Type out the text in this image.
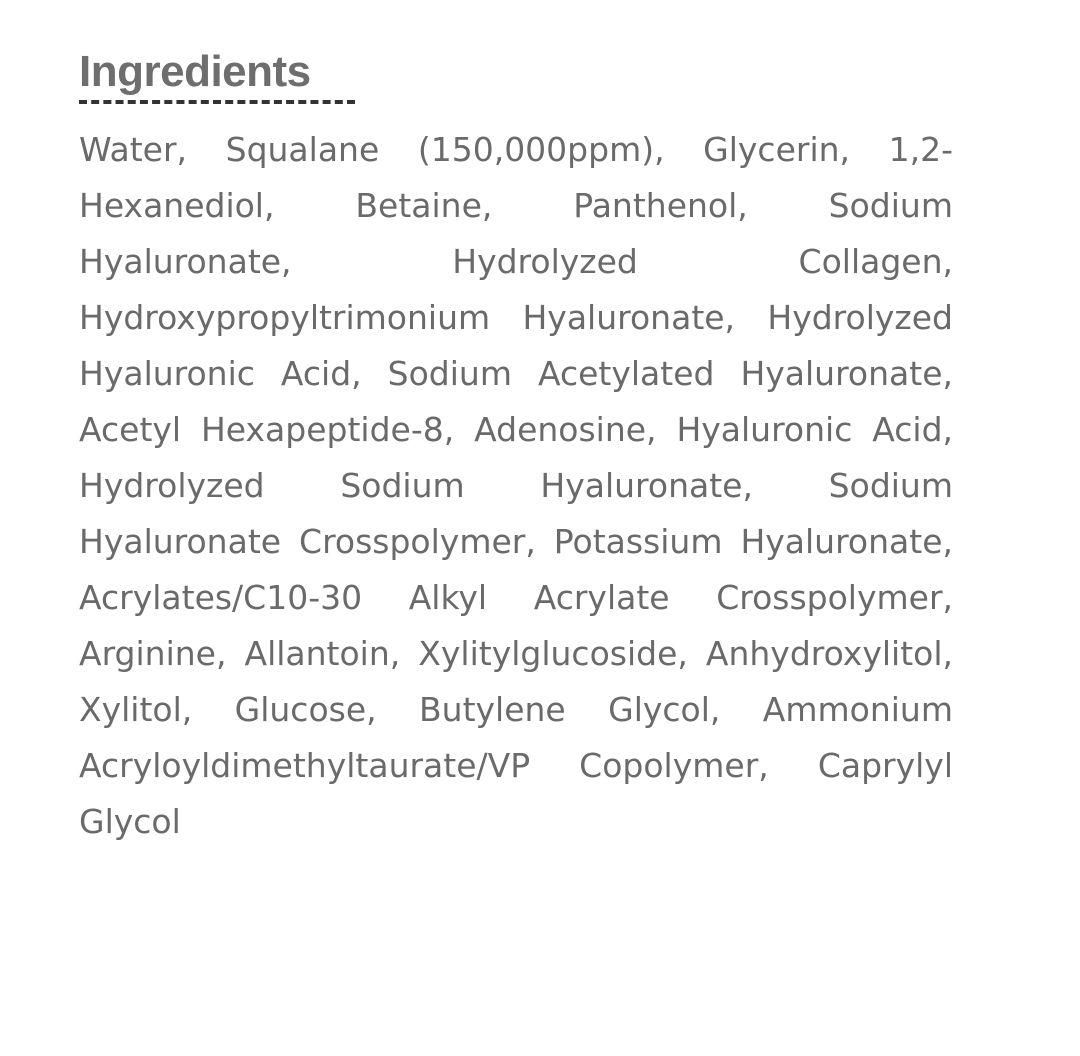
Ingredients

Water, Squalane (150,000ppm), Glycerin, 1,2-Hexanediol, Betaine, Panthenol, Sodium Hyaluronate, Hydrolyzed Collagen, Hydroxypropyltrimonium Hyaluronate, Hydrolyzed Hyaluronic Acid, Sodium Acetylated Hyaluronate, Acetyl Hexapeptide-8, Adenosine, Hyaluronic Acid, Hydrolyzed Sodium Hyaluronate, Sodium Hyaluronate Crosspolymer, Potassium Hyaluronate, Acrylates/C10-30 Alkyl Acrylate Crosspolymer, Arginine, Allantoin, Xylitylglucoside, Anhydroxylitol, Xylitol, Glucose, Butylene Glycol, Ammonium Acryloyldimethyltaurate/VP Copolymer, Caprylyl Glycol
